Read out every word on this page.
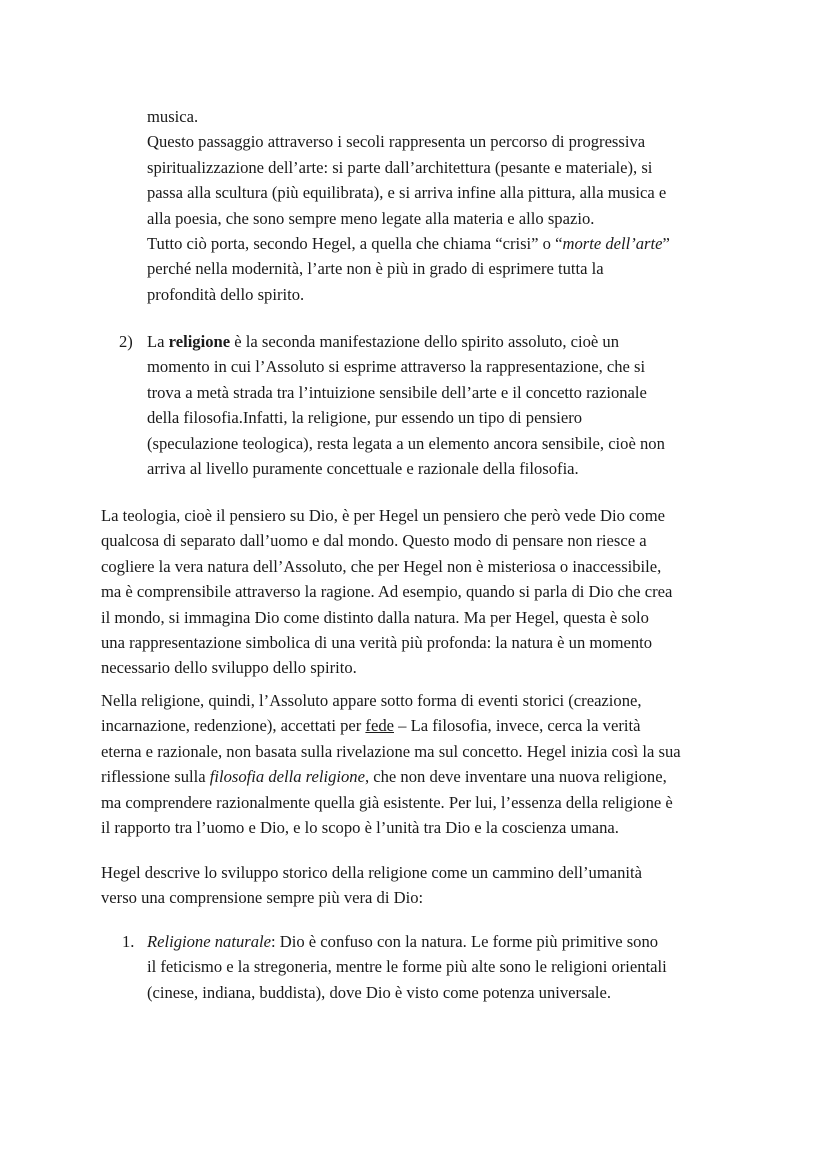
musica.
Questo passaggio attraverso i secoli rappresenta un percorso di progressiva
spiritualizzazione dell’arte: si parte dall’architettura (pesante e materiale), si
passa alla scultura (più equilibrata), e si arriva infine alla pittura, alla musica e
alla poesia, che sono sempre meno legate alla materia e allo spazio.
Tutto ciò porta, secondo Hegel, a quella che chiama “crisi” o “morte dell’arte”
perché nella modernità, l’arte non è più in grado di esprimere tutta la
profondità dello spirito.
2) La religione è la seconda manifestazione dello spirito assoluto, cioè un
momento in cui l’Assoluto si esprime attraverso la rappresentazione, che si
trova a metà strada tra l’intuizione sensibile dell’arte e il concetto razionale
della filosofia.Infatti, la religione, pur essendo un tipo di pensiero
(speculazione teologica), resta legata a un elemento ancora sensibile, cioè non
arriva al livello puramente concettuale e razionale della filosofia.
La teologia, cioè il pensiero su Dio, è per Hegel un pensiero che però vede Dio come
qualcosa di separato dall’uomo e dal mondo. Questo modo di pensare non riesce a
cogliere la vera natura dell’Assoluto, che per Hegel non è misteriosa o inaccessibile,
ma è comprensibile attraverso la ragione. Ad esempio, quando si parla di Dio che crea
il mondo, si immagina Dio come distinto dalla natura. Ma per Hegel, questa è solo
una rappresentazione simbolica di una verità più profonda: la natura è un momento
necessario dello sviluppo dello spirito.
Nella religione, quindi, l’Assoluto appare sotto forma di eventi storici (creazione,
incarnazione, redenzione), accettati per fede – La filosofia, invece, cerca la verità
eterna e razionale, non basata sulla rivelazione ma sul concetto. Hegel inizia così la sua
riflessione sulla filosofia della religione, che non deve inventare una nuova religione,
ma comprendere razionalmente quella già esistente. Per lui, l’essenza della religione è
il rapporto tra l’uomo e Dio, e lo scopo è l’unità tra Dio e la coscienza umana.
Hegel descrive lo sviluppo storico della religione come un cammino dell’umanità
verso una comprensione sempre più vera di Dio:
1. Religione naturale: Dio è confuso con la natura. Le forme più primitive sono
il feticismo e la stregoneria, mentre le forme più alte sono le religioni orientali
(cinese, indiana, buddista), dove Dio è visto come potenza universale.
